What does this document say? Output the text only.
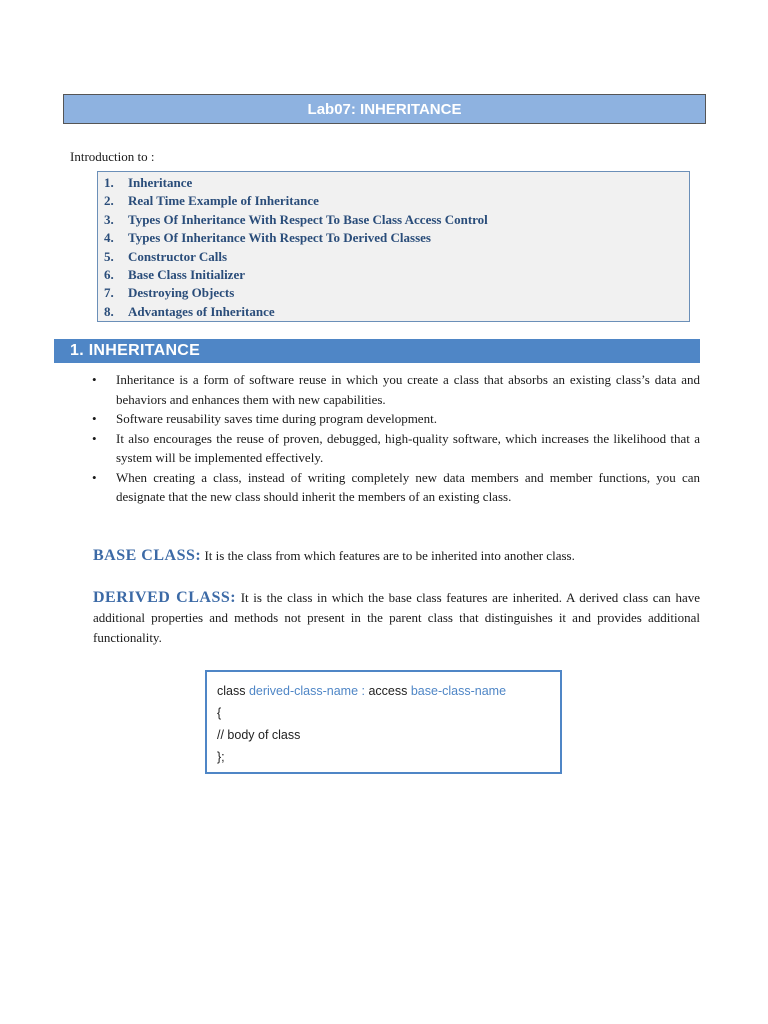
Lab07: INHERITANCE
Introduction to :
1.	Inheritance
2.	Real Time Example of Inheritance
3.	Types Of Inheritance With Respect To Base Class Access Control
4.	Types Of Inheritance With Respect To Derived Classes
5.	Constructor Calls
6.	Base Class Initializer
7.	Destroying Objects
8.	Advantages of Inheritance
1. INHERITANCE
•	Inheritance is a form of software reuse in which you create a class that absorbs an existing class’s data and behaviors and enhances them with new capabilities.
•	Software reusability saves time during program development.
•	It also encourages the reuse of proven, debugged, high-quality software, which increases the likelihood that a system will be implemented effectively.
•	When creating a class, instead of writing completely new data members and member functions, you can designate that the new class should inherit the members of an existing class.
BASE CLASS: It is the class from which features are to be inherited into another class.
DERIVED CLASS: It is the class in which the base class features are inherited. A derived class can have additional properties and methods not present in the parent class that distinguishes it and provides additional functionality.
class derived-class-name : access base-class-name
{
// body of class
};
